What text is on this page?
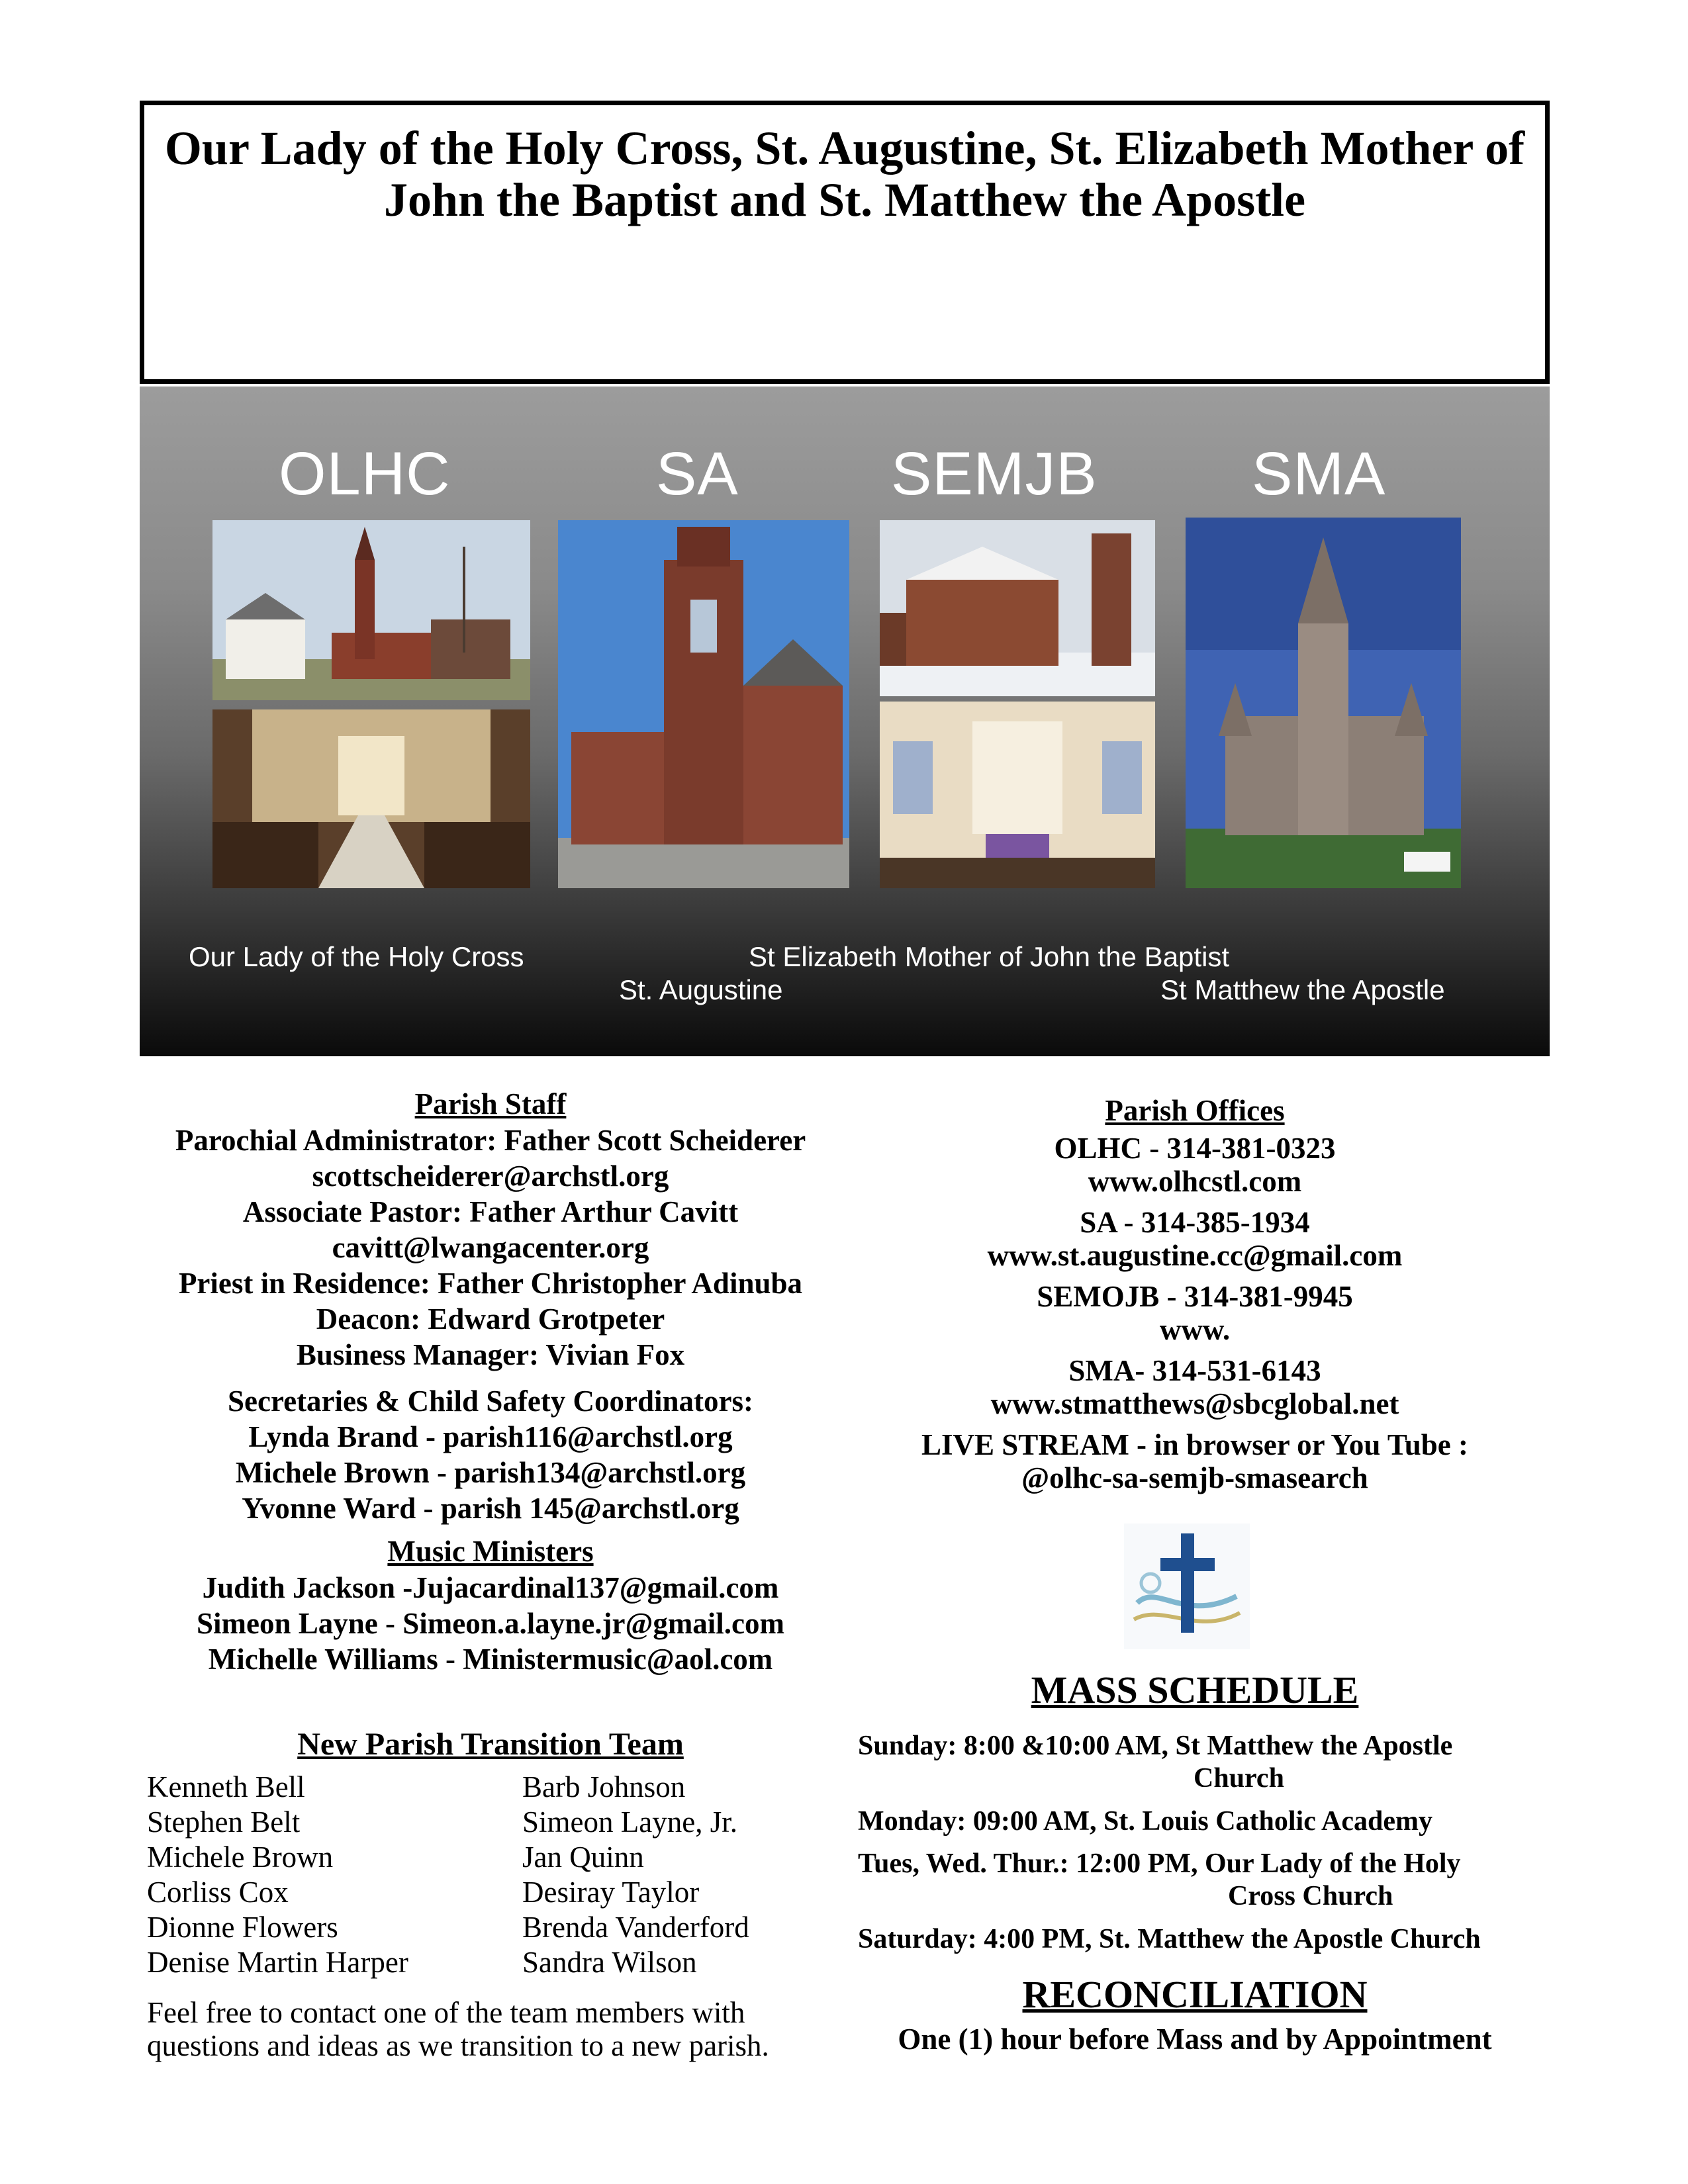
Our Lady of the Holy Cross, St. Augustine, St. Elizabeth Mother of John the Baptist and St. Matthew the Apostle
OLHC	SA	SEMJB	SMA
Our Lady of the Holy Cross	St Elizabeth Mother of John the Baptist
St. Augustine	St Matthew the Apostle
Parish Staff
Parochial Administrator: Father Scott Scheiderer
scottscheiderer@archstl.org
Associate Pastor: Father Arthur Cavitt
cavitt@lwangacenter.org
Priest in Residence: Father Christopher Adinuba
Deacon: Edward Grotpeter
Business Manager: Vivian Fox
Secretaries & Child Safety Coordinators:
Lynda Brand - parish116@archstl.org
Michele Brown - parish134@archstl.org
Yvonne Ward - parish 145@archstl.org
Music Ministers
Judith Jackson -Jujacardinal137@gmail.com
Simeon Layne - Simeon.a.layne.jr@gmail.com
Michelle Williams - Ministermusic@aol.com
New Parish Transition Team
Kenneth Bell	Barb Johnson
Stephen Belt	Simeon Layne, Jr.
Michele Brown	Jan Quinn
Corliss Cox	Desiray Taylor
Dionne Flowers	Brenda Vanderford
Denise Martin Harper	Sandra Wilson
Feel free to contact one of the team members with
questions and ideas as we transition to a new parish.
Parish Offices
OLHC - 314-381-0323
www.olhcstl.com
SA - 314-385-1934
www.st.augustine.cc@gmail.com
SEMOJB - 314-381-9945
www.
SMA- 314-531-6143
www.stmatthews@sbcglobal.net
LIVE STREAM - in browser or You Tube :
@olhc-sa-semjb-smasearch
MASS SCHEDULE
Sunday: 8:00 &10:00 AM, St Matthew the Apostle
Church
Monday: 09:00 AM, St. Louis Catholic Academy
Tues, Wed. Thur.: 12:00 PM, Our Lady of the Holy
Cross Church
Saturday: 4:00 PM, St. Matthew the Apostle Church
RECONCILIATION
One (1) hour before Mass and by Appointment
